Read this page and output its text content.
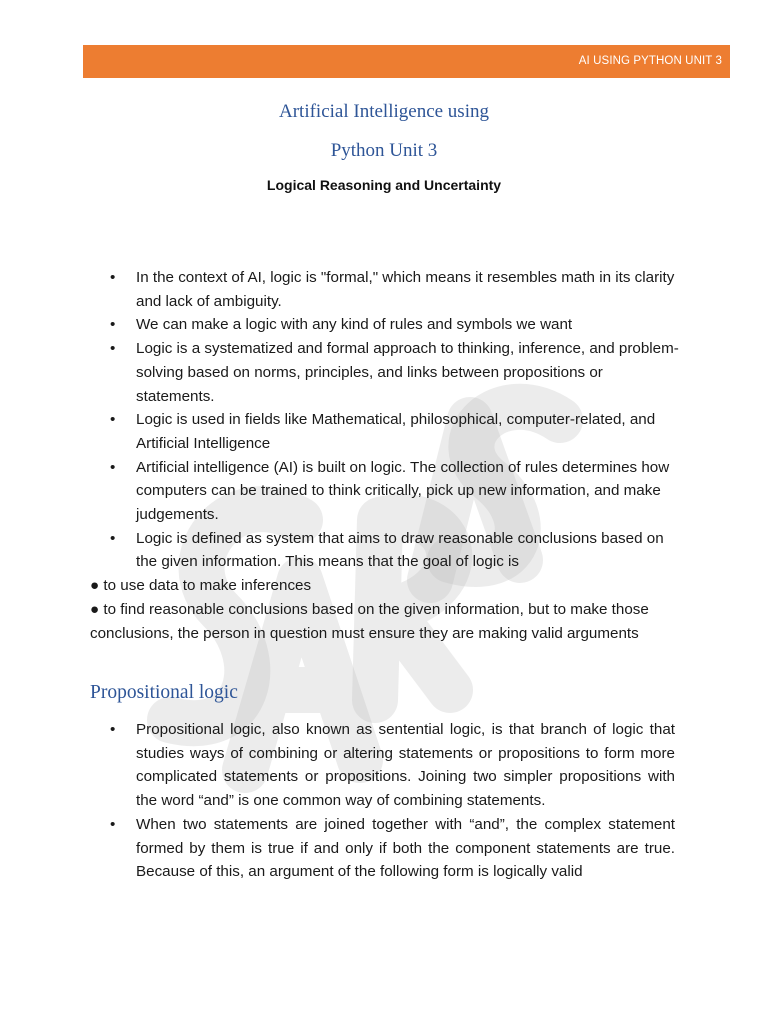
AI USING PYTHON UNIT 3
Artificial Intelligence using
Python Unit 3
Logical Reasoning and Uncertainty
• In the context of AI, logic is "formal," which means it resembles math in its clarity and lack of ambiguity.
• We can make a logic with any kind of rules and symbols we want
• Logic is a systematized and formal approach to thinking, inference, and problem-solving based on norms, principles, and links between propositions or statements.
• Logic is used in fields like Mathematical, philosophical, computer-related, and Artificial Intelligence
• Artificial intelligence (AI) is built on logic. The collection of rules determines how computers can be trained to think critically, pick up new information, and make judgements.
• Logic is defined as system that aims to draw reasonable conclusions based on the given information. This means that the goal of logic is

● to use data to make inferences

● to find reasonable conclusions based on the given information, but to make those conclusions, the person in question must ensure they are making valid arguments

Propositional logic
• Propositional logic, also known as sentential logic, is that branch of logic that studies ways of combining or altering statements or propositions to form more complicated statements or propositions. Joining two simpler propositions with the word “and” is one common way of combining statements.
• When two statements are joined together with “and”, the complex statement formed by them is true if and only if both the component statements are true. Because of this, an argument of the following form is logically valid
